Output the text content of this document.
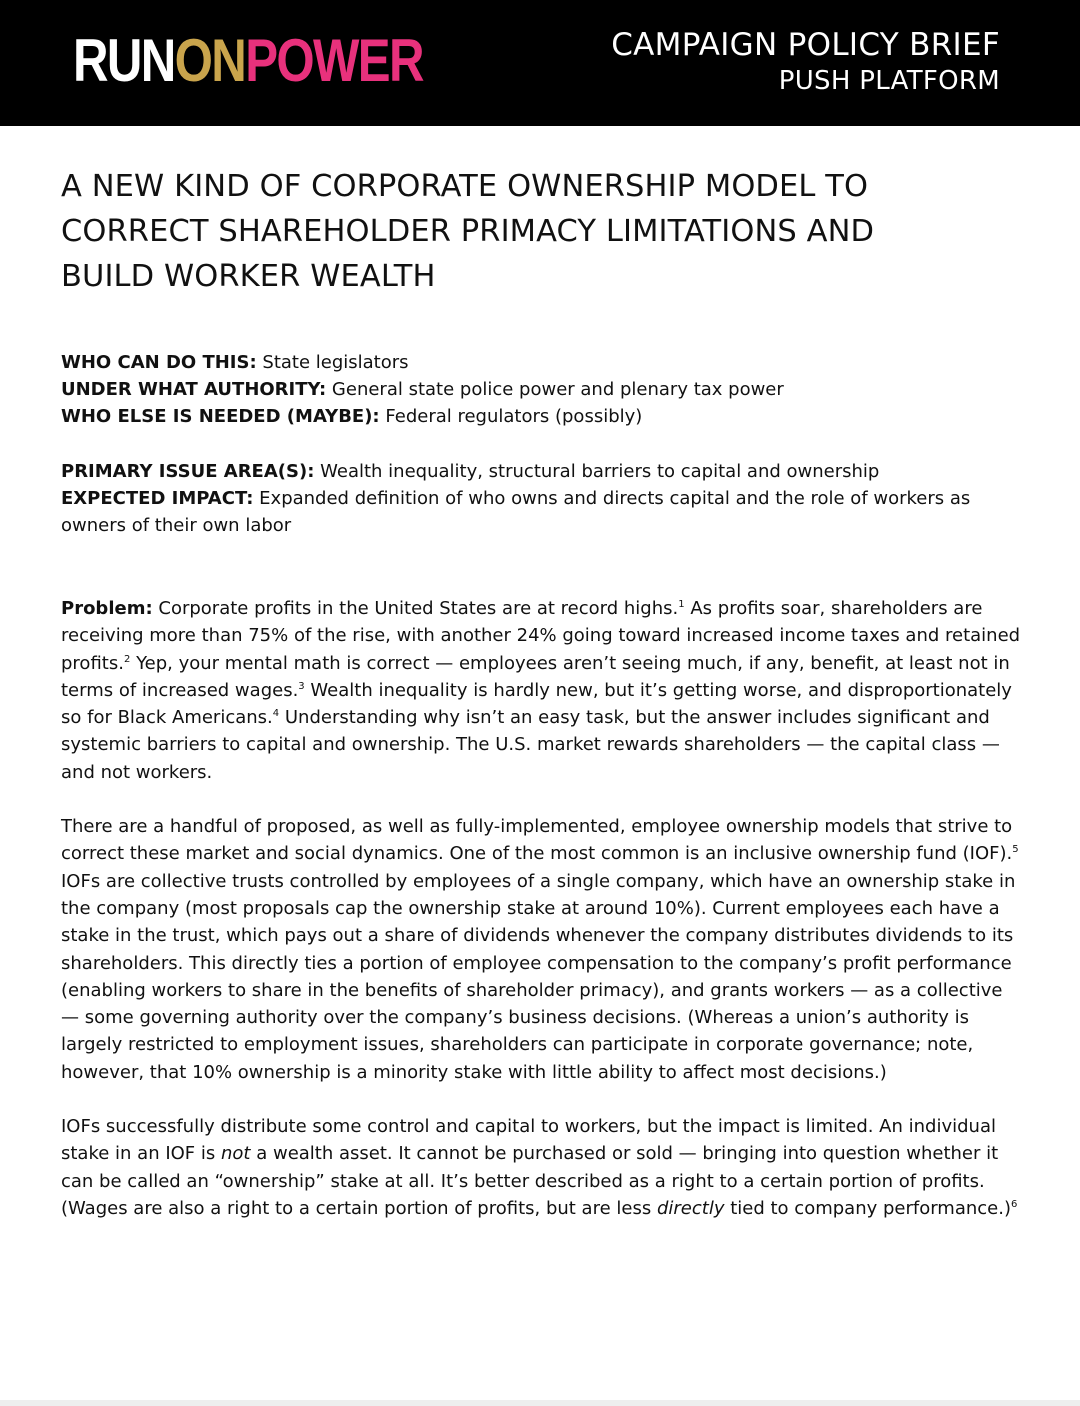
RUNONPOWER	CAMPAIGN POLICY BRIEF
PUSH PLATFORM
A NEW KIND OF CORPORATE OWNERSHIP MODEL TO
CORRECT SHAREHOLDER PRIMACY LIMITATIONS AND
BUILD WORKER WEALTH
WHO CAN DO THIS: State legislators
UNDER WHAT AUTHORITY: General state police power and plenary tax power
WHO ELSE IS NEEDED (MAYBE): Federal regulators (possibly)
PRIMARY ISSUE AREA(S): Wealth inequality, structural barriers to capital and ownership
EXPECTED IMPACT: Expanded definition of who owns and directs capital and the role of workers as owners of their own labor

Problem: Corporate profits in the United States are at record highs.$^1$ As profits soar, shareholders are receiving more than 75% of the rise, with another 24% going toward increased income taxes and retained profits.$^2$ Yep, your mental math is correct — employees aren’t seeing much, if any, benefit, at least not in terms of increased wages.$^3$ Wealth inequality is hardly new, but it’s getting worse, and disproportionately so for Black Americans.$^4$ Understanding why isn’t an easy task, but the answer includes significant and systemic barriers to capital and ownership. The U.S. market rewards shareholders — the capital class — and not workers.

There are a handful of proposed, as well as fully-implemented, employee ownership models that strive to correct these market and social dynamics. One of the most common is an inclusive ownership fund (IOF).$^5$ IOFs are collective trusts controlled by employees of a single company, which have an ownership stake in the company (most proposals cap the ownership stake at around 10%). Current employees each have a stake in the trust, which pays out a share of dividends whenever the company distributes dividends to its shareholders. This directly ties a portion of employee compensation to the company’s profit performance (enabling workers to share in the benefits of shareholder primacy), and grants workers — as a collective — some governing authority over the company’s business decisions. (Whereas a union’s authority is largely restricted to employment issues, shareholders can participate in corporate governance; note, however, that 10% ownership is a minority stake with little ability to affect most decisions.)

IOFs successfully distribute some control and capital to workers, but the impact is limited. An individual stake in an IOF is not a wealth asset. It cannot be purchased or sold — bringing into question whether it can be called an “ownership” stake at all. It’s better described as a right to a certain portion of profits. (Wages are also a right to a certain portion of profits, but are less directly tied to company performance.)$^6$
